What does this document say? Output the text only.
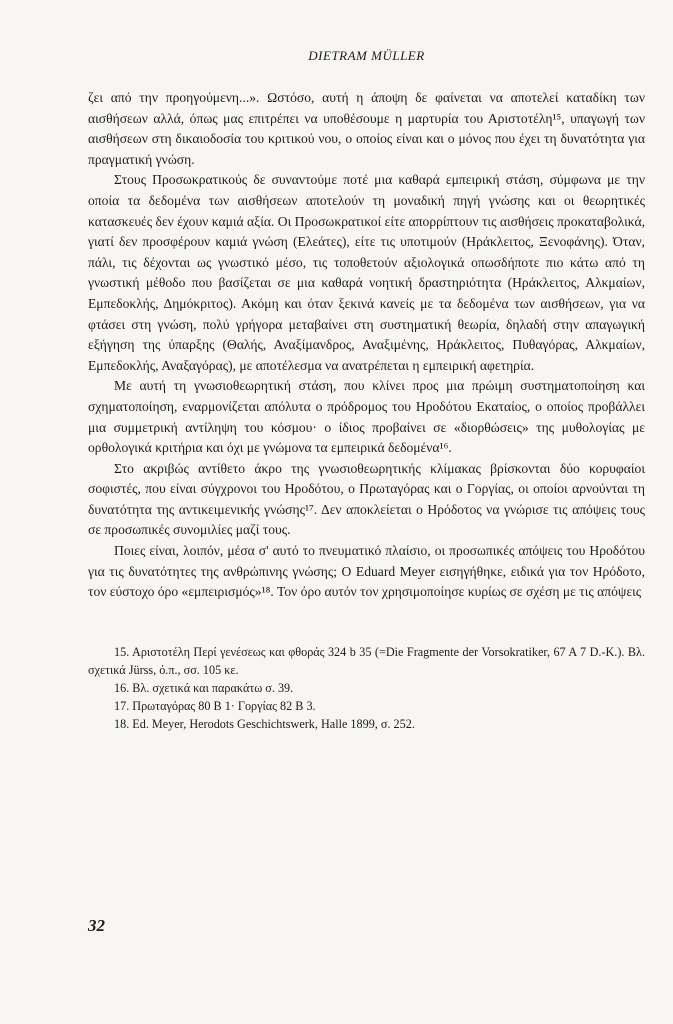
DIETRAM MÜLLER

ζει από την προηγούμενη...». Ωστόσο, αυτή η άποψη δε φαίνεται να αποτελεί καταδίκη των αισθήσεων αλλά, όπως μας επιτρέπει να υποθέσουμε η μαρτυρία του Αριστοτέλη¹⁵, υπαγωγή των αισθήσεων στη δικαιοδοσία του κριτικού νου, ο οποίος είναι και ο μόνος που έχει τη δυνατότητα για πραγματική γνώση.

Στους Προσωκρατικούς δε συναντούμε ποτέ μια καθαρά εμπειρική στάση, σύμφωνα με την οποία τα δεδομένα των αισθήσεων αποτελούν τη μοναδική πηγή γνώσης και οι θεωρητικές κατασκευές δεν έχουν καμιά αξία. Οι Προσωκρατικοί είτε απορρίπτουν τις αισθήσεις προκαταβολικά, γιατί δεν προσφέρουν καμιά γνώση (Ελεάτες), είτε τις υποτιμούν (Ηράκλειτος, Ξενοφάνης). Όταν, πάλι, τις δέχονται ως γνωστικό μέσο, τις τοποθετούν αξιολογικά οπωσδήποτε πιο κάτω από τη γνωστική μέθοδο που βασίζεται σε μια καθαρά νοητική δραστηριότητα (Ηράκλειτος, Αλκμαίων, Εμπεδοκλής, Δημόκριτος). Ακόμη και όταν ξεκινά κανείς με τα δεδομένα των αισθήσεων, για να φτάσει στη γνώση, πολύ γρήγορα μεταβαίνει στη συστηματική θεωρία, δηλαδή στην απαγωγική εξήγηση της ύπαρξης (Θαλής, Αναξίμανδρος, Αναξιμένης, Ηράκλειτος, Πυθαγόρας, Αλκμαίων, Εμπεδοκλής, Αναξαγόρας), με αποτέλεσμα να ανατρέπεται η εμπειρική αφετηρία.

Με αυτή τη γνωσιοθεωρητική στάση, που κλίνει προς μια πρώιμη συστηματοποίηση και σχηματοποίηση, εναρμονίζεται απόλυτα ο πρόδρομος του Ηροδότου Εκαταίος, ο οποίος προβάλλει μια συμμετρική αντίληψη του κόσμου· ο ίδιος προβαίνει σε «διορθώσεις» της μυθολογίας με ορθολογικά κριτήρια και όχι με γνώμονα τα εμπειρικά δεδομένα¹⁶.

Στο ακριβώς αντίθετο άκρο της γνωσιοθεωρητικής κλίμακας βρίσκονται δύο κορυφαίοι σοφιστές, που είναι σύγχρονοι του Ηροδότου, ο Πρωταγόρας και ο Γοργίας, οι οποίοι αρνούνται τη δυνατότητα της αντικειμενικής γνώσης¹⁷. Δεν αποκλείεται ο Ηρόδοτος να γνώρισε τις απόψεις τους σε προσωπικές συνομιλίες μαζί τους.

Ποιες είναι, λοιπόν, μέσα σ' αυτό το πνευματικό πλαίσιο, οι προσωπικές απόψεις του Ηροδότου για τις δυνατότητες της ανθρώπινης γνώσης; Ο Eduard Meyer εισηγήθηκε, ειδικά για τον Ηρόδοτο, τον εύστοχο όρο «εμπειρισμός»¹⁸. Τον όρο αυτόν τον χρησιμοποίησε κυρίως σε σχέση με τις απόψεις

15. Αριστοτέλη Περί γενέσεως και φθοράς 324 b 35 (=Die Fragmente der Vorsokratiker, 67 A 7 D.-K.). Βλ. σχετικά Jürss, ό.π., σσ. 105 κε.

16. Βλ. σχετικά και παρακάτω σ. 39.

17. Πρωταγόρας 80 B 1· Γοργίας 82 B 3.

18. Ed. Meyer, Herodots Geschichtswerk, Halle 1899, σ. 252.

32
